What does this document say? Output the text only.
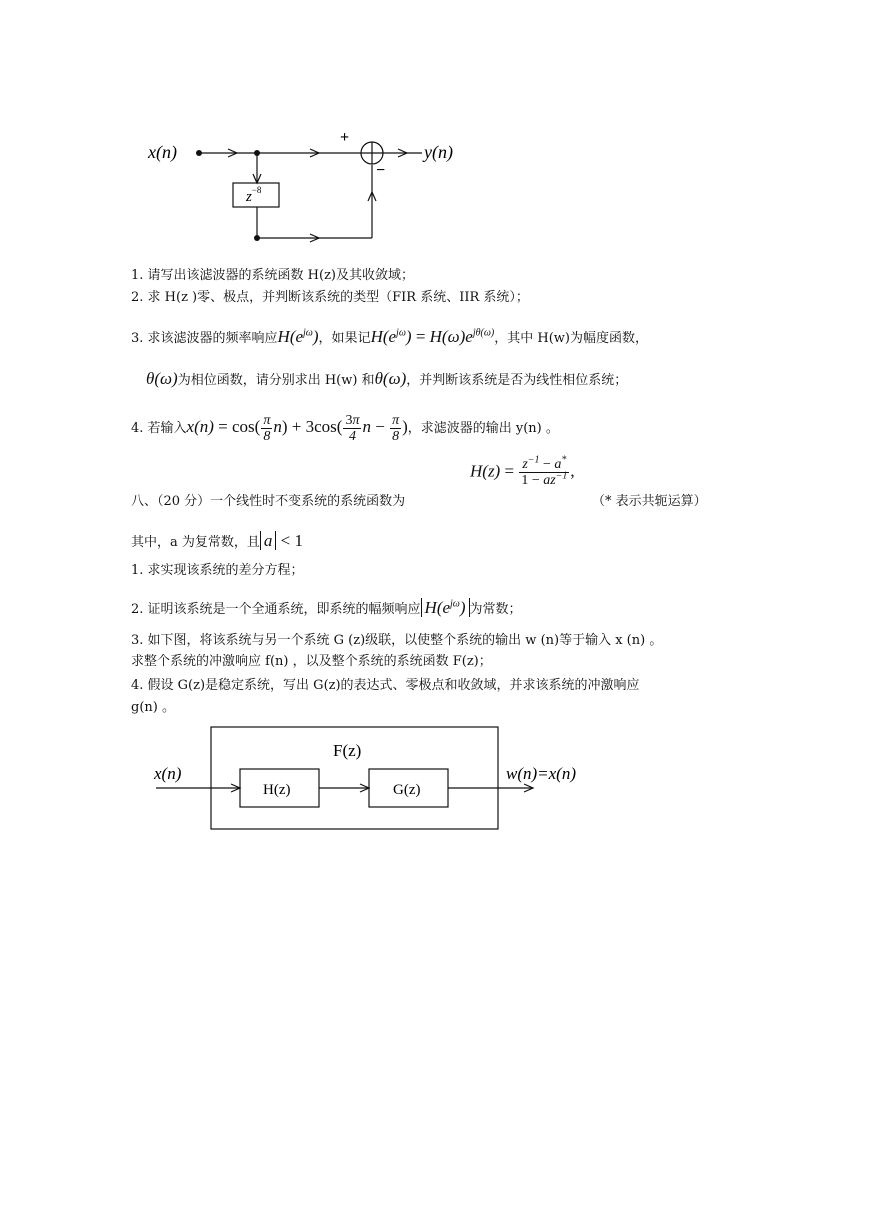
x(n)
$z^{-8}$
+
−
y(n)
1. 请写出该滤波器的系统函数 H(z)及其收敛域；
2. 求 H(z )零、极点，并判断该系统的类型（FIR 系统、IIR 系统）；
3. 求该滤波器的频率响应$H(e^{j\omega})$，如果记$H(e^{j\omega}) = H(\omega)e^{j\theta(\omega)}$，其中 H(w)为幅度函数，
θ(ω)为相位函数，请分别求出 H(w) 和θ(ω)，并判断该系统是否为线性相位系统；
4. 若输入$x(n) = \cos( \frac{\pi}{8} n) + 3\cos( \frac{3\pi}{4}$ $n - \frac{\pi}{8}$ )，求滤波器的输出 y(n) 。
$H(z) = \frac{z^{-1} - a^*}{1 - az^{-1}}$ ,
八、（20 分）一个线性时不变系统的系统函数为	（* 表示共轭运算）
其中，a 为复常数，且 a < 1
1. 求实现该系统的差分方程；
2. 证明该系统是一个全通系统，即系统的幅频响应 $H(e^{j\omega})$ 为常数；
3. 如下图，将该系统与另一个系统 G (z)级联，以使整个系统的输出 w (n)等于输入 x (n) 。
求整个系统的冲激响应 f(n) ，以及整个系统的系统函数 F(z)；
4. 假设 G(z)是稳定系统，写出 G(z)的表达式、零极点和收敛域，并求该系统的冲激响应
g(n) 。
F(z)
x(n)
H(z)	G(z)
w(n)=x(n)
